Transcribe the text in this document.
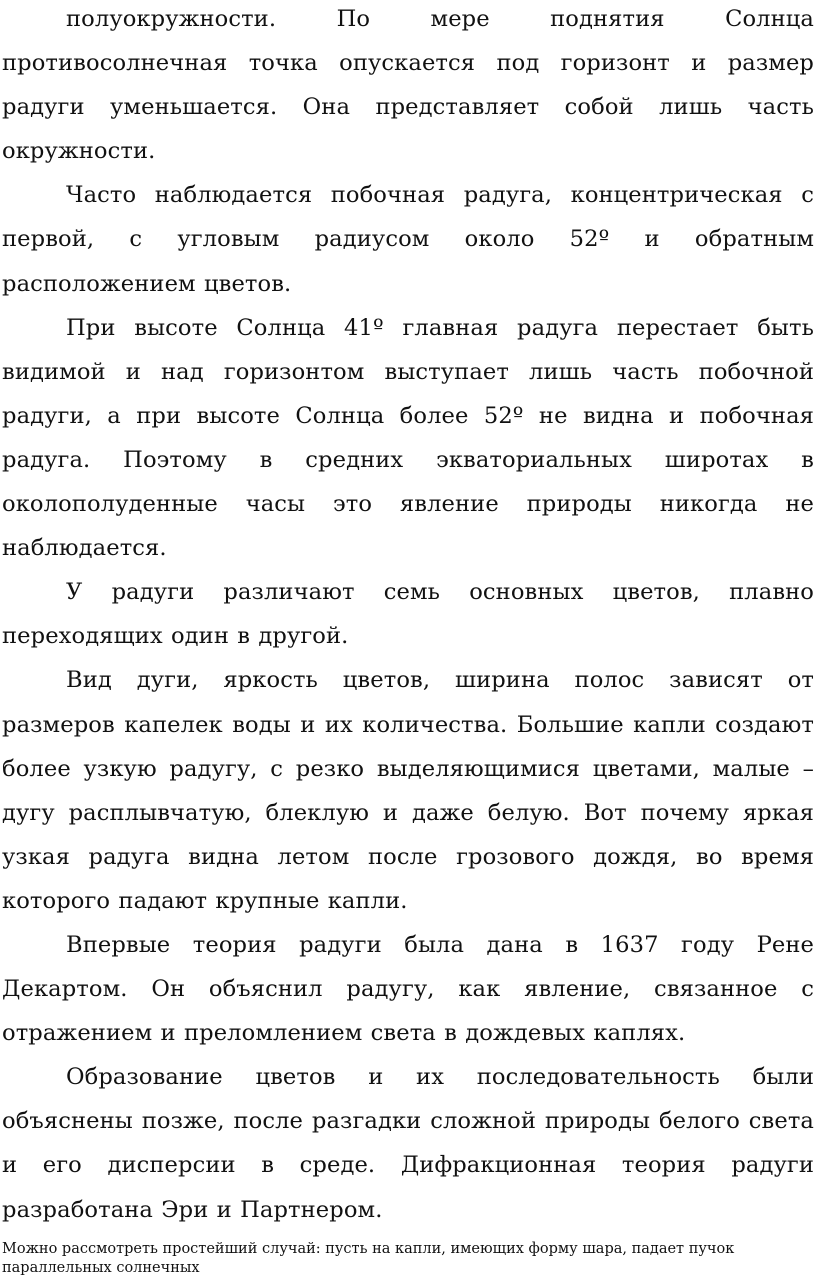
полуокружности. По мере поднятия Солнца противосолнечная точка опускается под горизонт и размер радуги уменьшается. Она представляет собой лишь часть окружности.

Часто наблюдается побочная радуга, концентрическая с первой, с угловым радиусом около 52º и обратным расположением цветов.

При высоте Солнца 41º главная радуга перестает быть видимой и над горизонтом выступает лишь часть побочной радуги, а при высоте Солнца более 52º не видна и побочная радуга. Поэтому в средних экваториальных широтах в околополуденные часы это явление природы никогда не наблюдается.

У радуги различают семь основных цветов, плавно переходящих один в другой.

Вид дуги, яркость цветов, ширина полос зависят от размеров капелек воды и их количества. Большие капли создают более узкую радугу, с резко выделяющимися цветами, малые – дугу расплывчатую, блеклую и даже белую. Вот почему яркая узкая радуга видна летом после грозового дождя, во время которого падают крупные капли.

Впервые теория радуги была дана в 1637 году Рене Декартом. Он объяснил радугу, как явление, связанное с отражением и преломлением света в дождевых каплях.

Образование цветов и их последовательность были объяснены позже, после разгадки сложной природы белого света и его дисперсии в среде. Дифракционная теория радуги разработана Эри и Партнером.

Можно рассмотреть простейший случай: пусть на капли, имеющих форму шара, падает пучок параллельных солнечных
